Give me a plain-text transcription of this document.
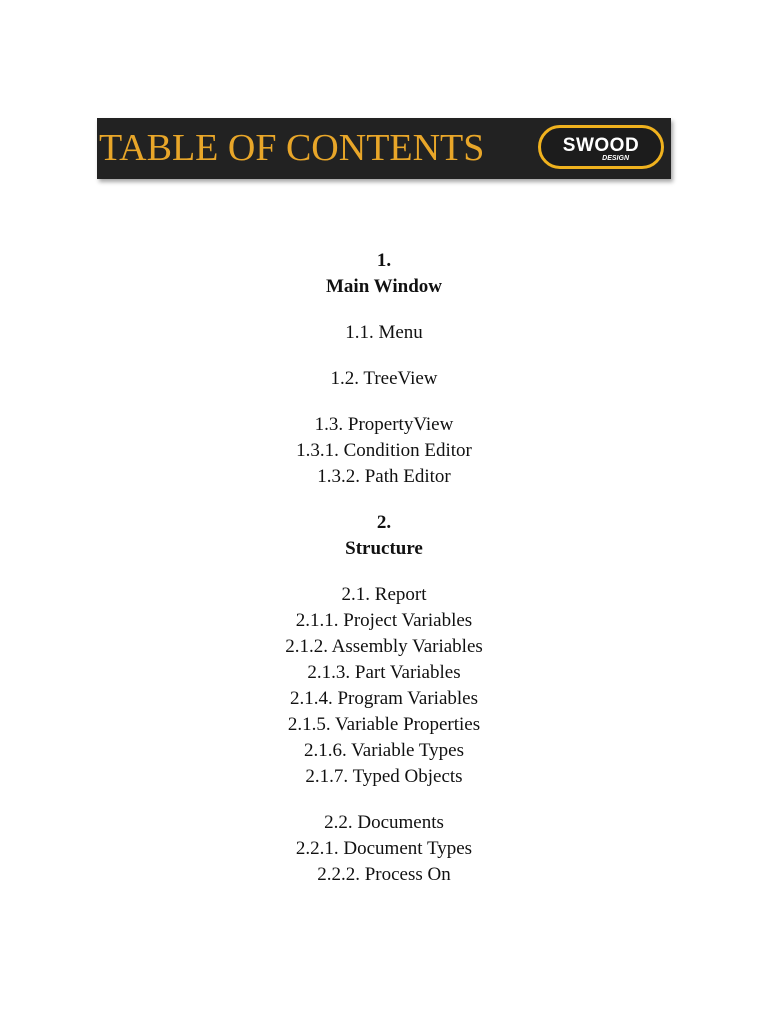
TABLE OF CONTENTS	SWOOD
DESIGN
1.
Main Window
1.1. Menu
1.2. TreeView
1.3. PropertyView
1.3.1. Condition Editor
1.3.2. Path Editor
2.
Structure
2.1. Report
2.1.1. Project Variables
2.1.2. Assembly Variables
2.1.3. Part Variables
2.1.4. Program Variables
2.1.5. Variable Properties
2.1.6. Variable Types
2.1.7. Typed Objects
2.2. Documents
2.2.1. Document Types
2.2.2. Process On
